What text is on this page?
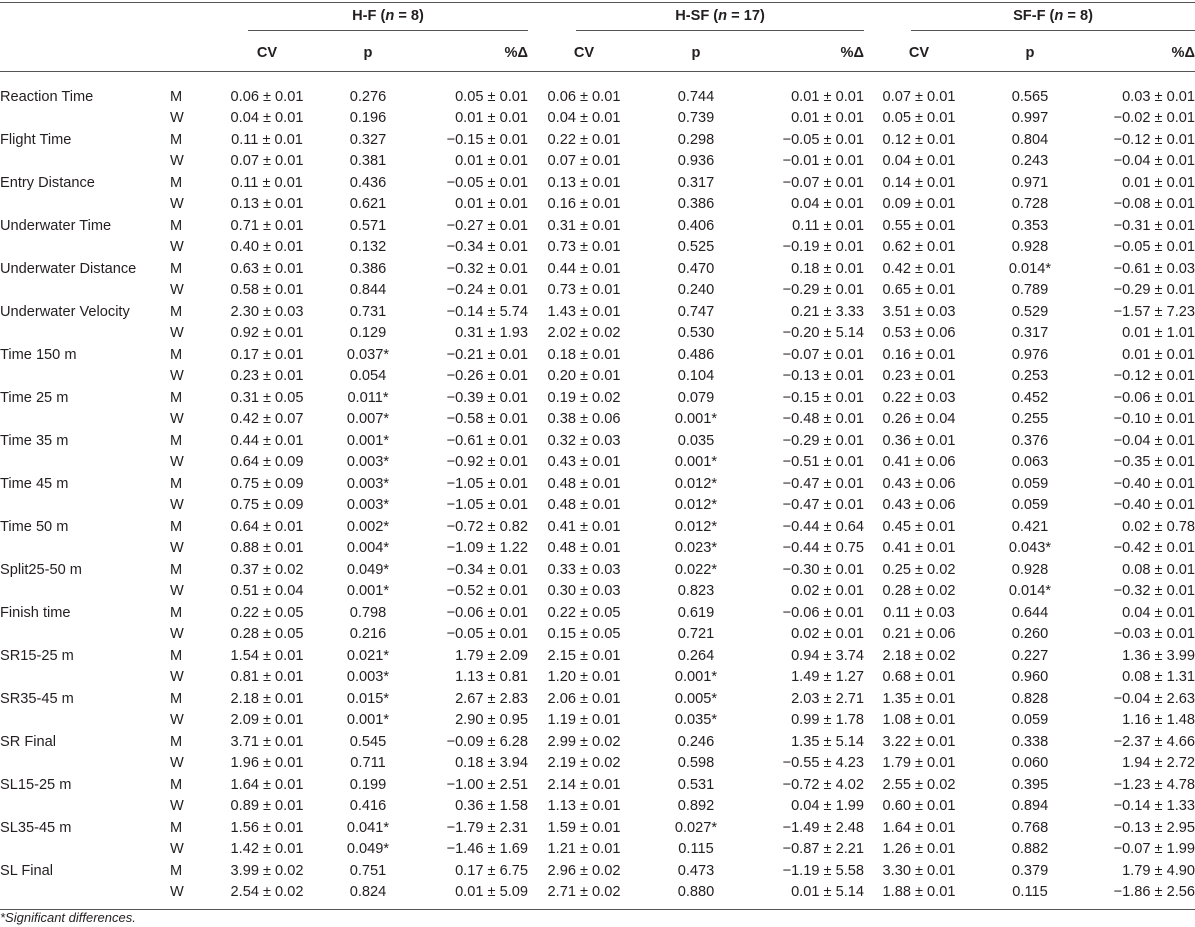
		H-F (n = 8)			H-SF (n = 17)			SF-F (n = 8)		
		CV	p	%Δ	CV	p	%Δ	CV	p	%Δ

Reaction Time	M	0.06 ± 0.01	0.276	0.05 ± 0.01	0.06 ± 0.01	0.744	0.01 ± 0.01	0.07 ± 0.01	0.565	0.03 ± 0.01
	W	0.04 ± 0.01	0.196	0.01 ± 0.01	0.04 ± 0.01	0.739	0.01 ± 0.01	0.05 ± 0.01	0.997	−0.02 ± 0.01
Flight Time	M	0.11 ± 0.01	0.327	−0.15 ± 0.01	0.22 ± 0.01	0.298	−0.05 ± 0.01	0.12 ± 0.01	0.804	−0.12 ± 0.01
	W	0.07 ± 0.01	0.381	0.01 ± 0.01	0.07 ± 0.01	0.936	−0.01 ± 0.01	0.04 ± 0.01	0.243	−0.04 ± 0.01
Entry Distance	M	0.11 ± 0.01	0.436	−0.05 ± 0.01	0.13 ± 0.01	0.317	−0.07 ± 0.01	0.14 ± 0.01	0.971	0.01 ± 0.01
	W	0.13 ± 0.01	0.621	0.01 ± 0.01	0.16 ± 0.01	0.386	0.04 ± 0.01	0.09 ± 0.01	0.728	−0.08 ± 0.01
Underwater Time	M	0.71 ± 0.01	0.571	−0.27 ± 0.01	0.31 ± 0.01	0.406	0.11 ± 0.01	0.55 ± 0.01	0.353	−0.31 ± 0.01
	W	0.40 ± 0.01	0.132	−0.34 ± 0.01	0.73 ± 0.01	0.525	−0.19 ± 0.01	0.62 ± 0.01	0.928	−0.05 ± 0.01
Underwater Distance	M	0.63 ± 0.01	0.386	−0.32 ± 0.01	0.44 ± 0.01	0.470	0.18 ± 0.01	0.42 ± 0.01	0.014*	−0.61 ± 0.03
	W	0.58 ± 0.01	0.844	−0.24 ± 0.01	0.73 ± 0.01	0.240	−0.29 ± 0.01	0.65 ± 0.01	0.789	−0.29 ± 0.01
Underwater Velocity	M	2.30 ± 0.03	0.731	−0.14 ± 5.74	1.43 ± 0.01	0.747	0.21 ± 3.33	3.51 ± 0.03	0.529	−1.57 ± 7.23
	W	0.92 ± 0.01	0.129	0.31 ± 1.93	2.02 ± 0.02	0.530	−0.20 ± 5.14	0.53 ± 0.06	0.317	0.01 ± 1.01
Time 150 m	M	0.17 ± 0.01	0.037*	−0.21 ± 0.01	0.18 ± 0.01	0.486	−0.07 ± 0.01	0.16 ± 0.01	0.976	0.01 ± 0.01
	W	0.23 ± 0.01	0.054	−0.26 ± 0.01	0.20 ± 0.01	0.104	−0.13 ± 0.01	0.23 ± 0.01	0.253	−0.12 ± 0.01
Time 25 m	M	0.31 ± 0.05	0.011*	−0.39 ± 0.01	0.19 ± 0.02	0.079	−0.15 ± 0.01	0.22 ± 0.03	0.452	−0.06 ± 0.01
	W	0.42 ± 0.07	0.007*	−0.58 ± 0.01	0.38 ± 0.06	0.001*	−0.48 ± 0.01	0.26 ± 0.04	0.255	−0.10 ± 0.01
Time 35 m	M	0.44 ± 0.01	0.001*	−0.61 ± 0.01	0.32 ± 0.03	0.035	−0.29 ± 0.01	0.36 ± 0.01	0.376	−0.04 ± 0.01
	W	0.64 ± 0.09	0.003*	−0.92 ± 0.01	0.43 ± 0.01	0.001*	−0.51 ± 0.01	0.41 ± 0.06	0.063	−0.35 ± 0.01
Time 45 m	M	0.75 ± 0.09	0.003*	−1.05 ± 0.01	0.48 ± 0.01	0.012*	−0.47 ± 0.01	0.43 ± 0.06	0.059	−0.40 ± 0.01
	W	0.75 ± 0.09	0.003*	−1.05 ± 0.01	0.48 ± 0.01	0.012*	−0.47 ± 0.01	0.43 ± 0.06	0.059	−0.40 ± 0.01
Time 50 m	M	0.64 ± 0.01	0.002*	−0.72 ± 0.82	0.41 ± 0.01	0.012*	−0.44 ± 0.64	0.45 ± 0.01	0.421	0.02 ± 0.78
	W	0.88 ± 0.01	0.004*	−1.09 ± 1.22	0.48 ± 0.01	0.023*	−0.44 ± 0.75	0.41 ± 0.01	0.043*	−0.42 ± 0.01
Split25-50 m	M	0.37 ± 0.02	0.049*	−0.34 ± 0.01	0.33 ± 0.03	0.022*	−0.30 ± 0.01	0.25 ± 0.02	0.928	0.08 ± 0.01
	W	0.51 ± 0.04	0.001*	−0.52 ± 0.01	0.30 ± 0.03	0.823	0.02 ± 0.01	0.28 ± 0.02	0.014*	−0.32 ± 0.01
Finish time	M	0.22 ± 0.05	0.798	−0.06 ± 0.01	0.22 ± 0.05	0.619	−0.06 ± 0.01	0.11 ± 0.03	0.644	0.04 ± 0.01
	W	0.28 ± 0.05	0.216	−0.05 ± 0.01	0.15 ± 0.05	0.721	0.02 ± 0.01	0.21 ± 0.06	0.260	−0.03 ± 0.01
SR15-25 m	M	1.54 ± 0.01	0.021*	1.79 ± 2.09	2.15 ± 0.01	0.264	0.94 ± 3.74	2.18 ± 0.02	0.227	1.36 ± 3.99
	W	0.81 ± 0.01	0.003*	1.13 ± 0.81	1.20 ± 0.01	0.001*	1.49 ± 1.27	0.68 ± 0.01	0.960	0.08 ± 1.31
SR35-45 m	M	2.18 ± 0.01	0.015*	2.67 ± 2.83	2.06 ± 0.01	0.005*	2.03 ± 2.71	1.35 ± 0.01	0.828	−0.04 ± 2.63
	W	2.09 ± 0.01	0.001*	2.90 ± 0.95	1.19 ± 0.01	0.035*	0.99 ± 1.78	1.08 ± 0.01	0.059	1.16 ± 1.48
SR Final	M	3.71 ± 0.01	0.545	−0.09 ± 6.28	2.99 ± 0.02	0.246	1.35 ± 5.14	3.22 ± 0.01	0.338	−2.37 ± 4.66
	W	1.96 ± 0.01	0.711	0.18 ± 3.94	2.19 ± 0.02	0.598	−0.55 ± 4.23	1.79 ± 0.01	0.060	1.94 ± 2.72
SL15-25 m	M	1.64 ± 0.01	0.199	−1.00 ± 2.51	2.14 ± 0.01	0.531	−0.72 ± 4.02	2.55 ± 0.02	0.395	−1.23 ± 4.78
	W	0.89 ± 0.01	0.416	0.36 ± 1.58	1.13 ± 0.01	0.892	0.04 ± 1.99	0.60 ± 0.01	0.894	−0.14 ± 1.33
SL35-45 m	M	1.56 ± 0.01	0.041*	−1.79 ± 2.31	1.59 ± 0.01	0.027*	−1.49 ± 2.48	1.64 ± 0.01	0.768	−0.13 ± 2.95
	W	1.42 ± 0.01	0.049*	−1.46 ± 1.69	1.21 ± 0.01	0.115	−0.87 ± 2.21	1.26 ± 0.01	0.882	−0.07 ± 1.99
SL Final	M	3.99 ± 0.02	0.751	0.17 ± 6.75	2.96 ± 0.02	0.473	−1.19 ± 5.58	3.30 ± 0.01	0.379	1.79 ± 4.90
	W	2.54 ± 0.02	0.824	0.01 ± 5.09	2.71 ± 0.02	0.880	0.01 ± 5.14	1.88 ± 0.01	0.115	−1.86 ± 2.56

*Significant differences.
